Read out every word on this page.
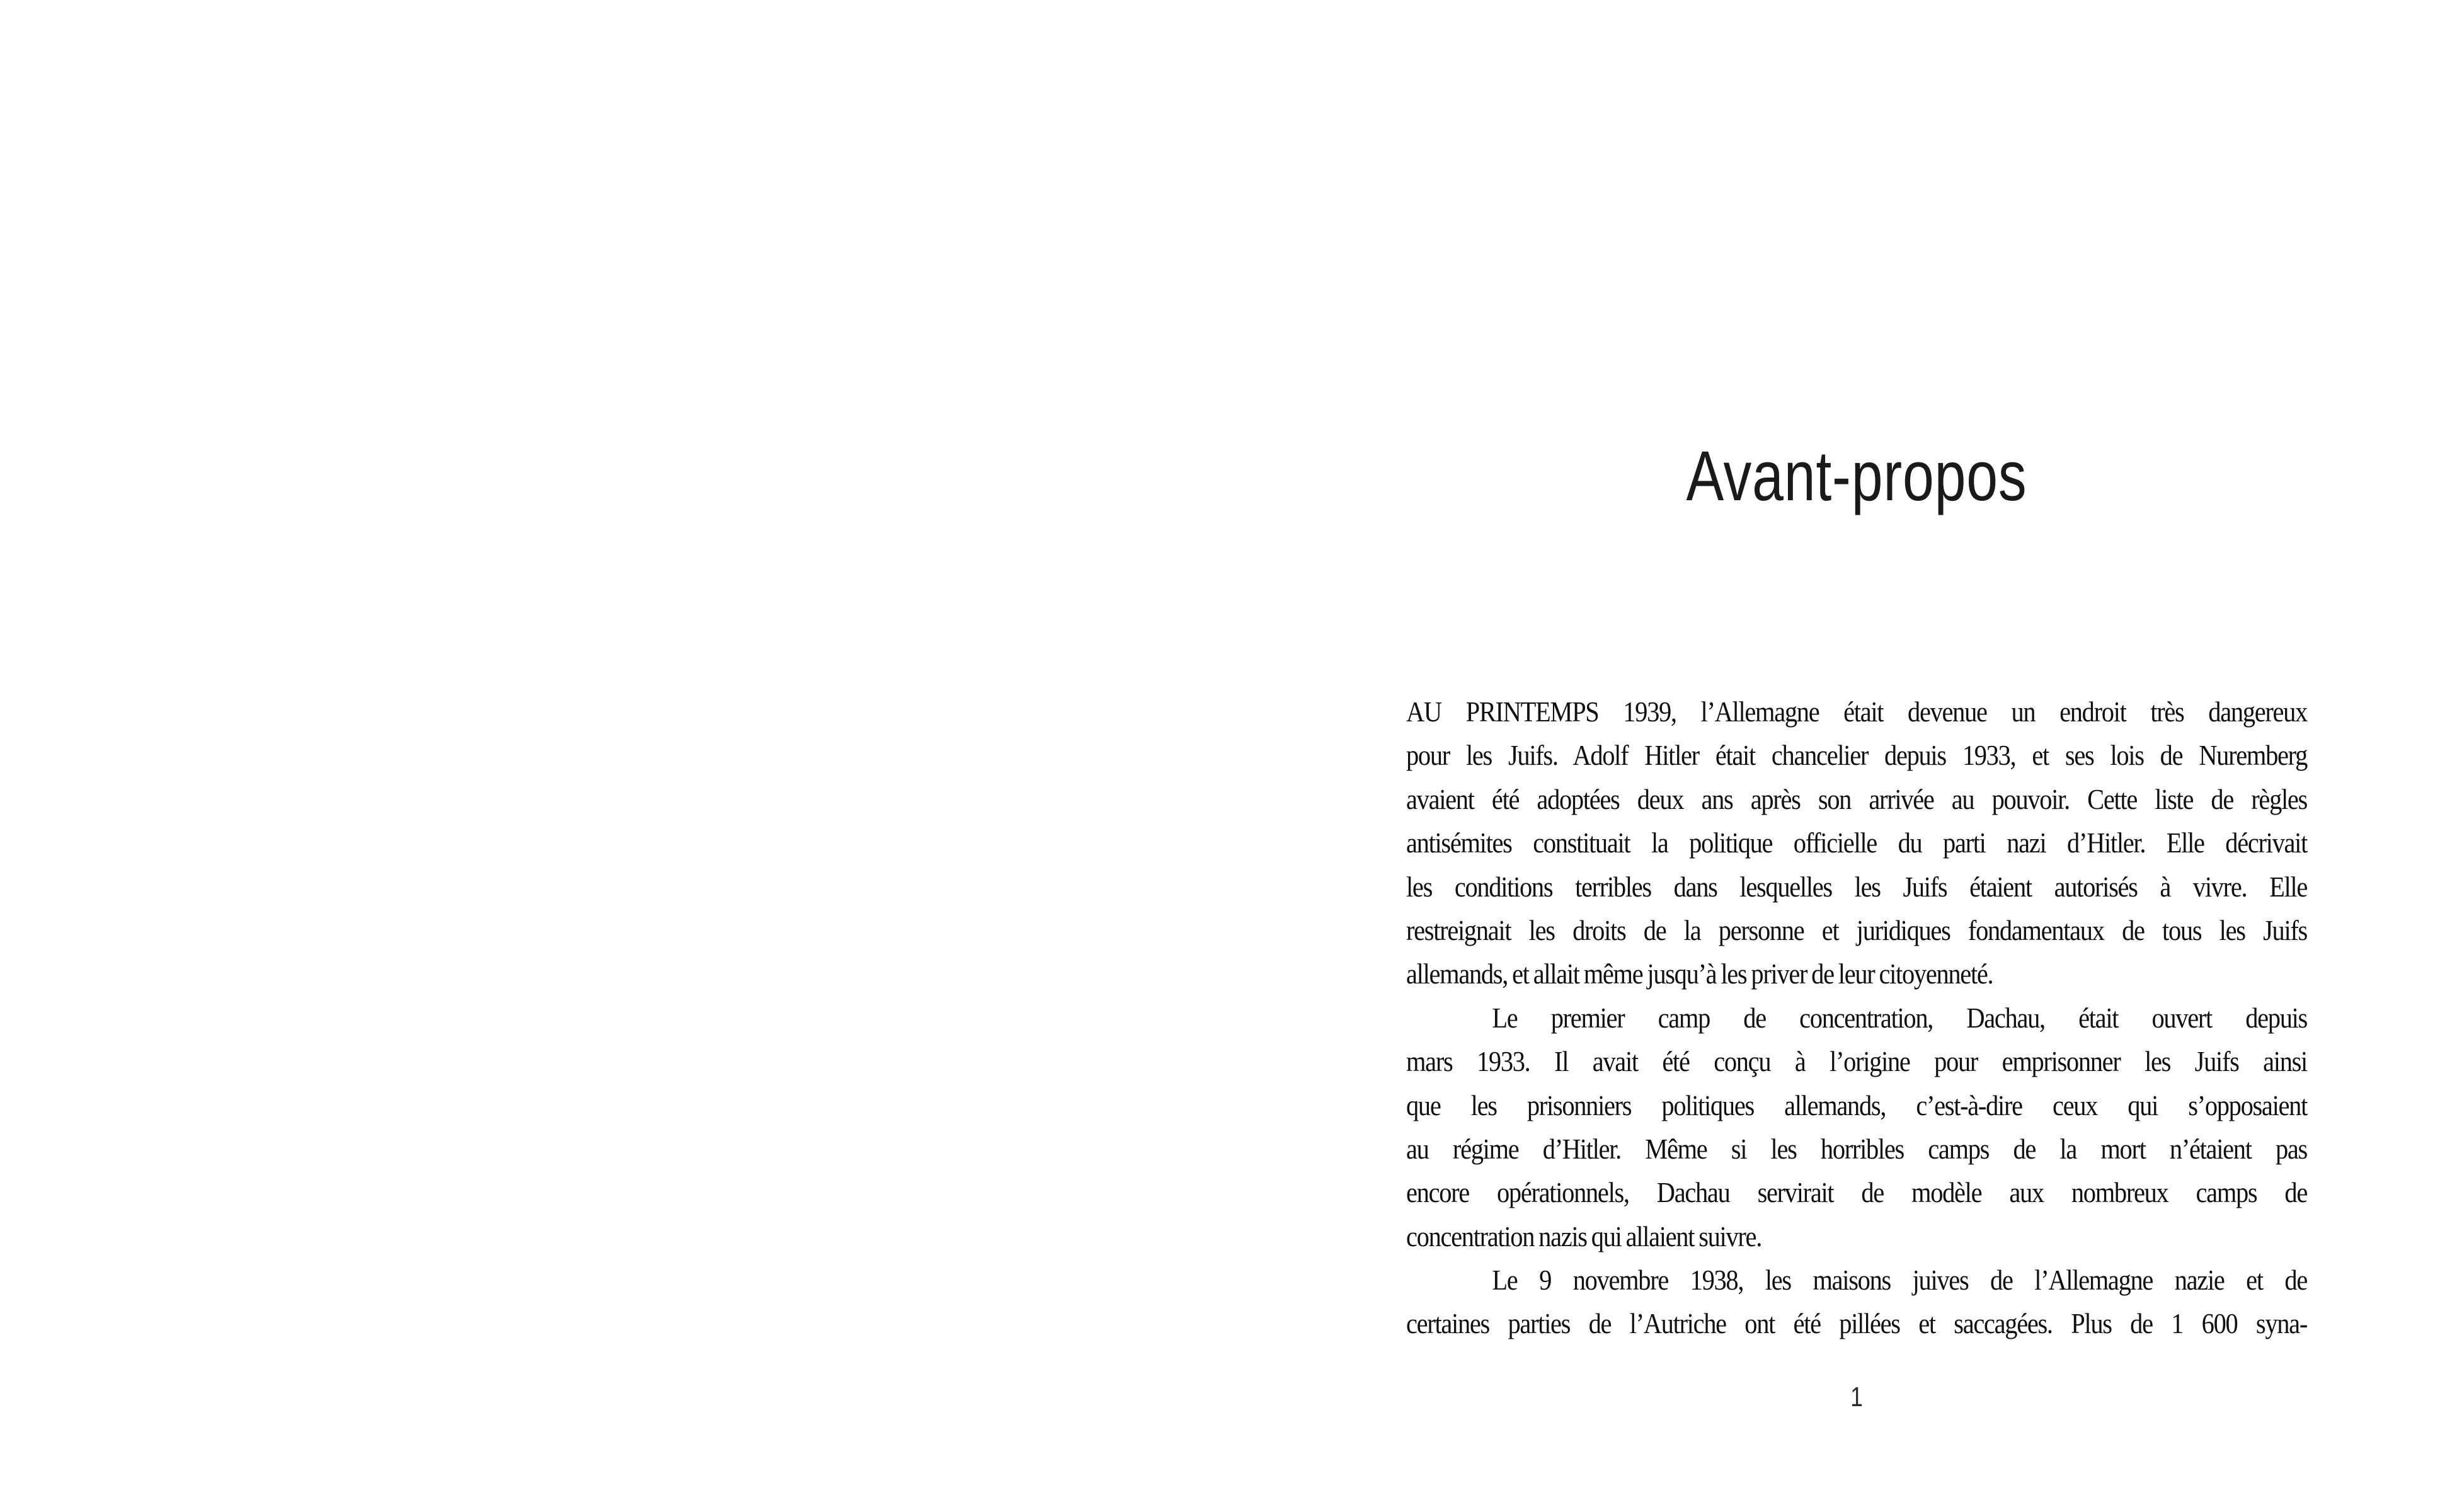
Avant-propos
AU PRINTEMPS 1939, l’Allemagne était devenue un endroit très dangereux
pour les Juifs. Adolf Hitler était chancelier depuis 1933, et ses lois de Nuremberg
avaient été adoptées deux ans après son arrivée au pouvoir. Cette liste de règles
antisémites constituait la politique officielle du parti nazi d’Hitler. Elle décrivait
les conditions terribles dans lesquelles les Juifs étaient autorisés à vivre. Elle
restreignait les droits de la personne et juridiques fondamentaux de tous les Juifs
allemands, et allait même jusqu’à les priver de leur citoyenneté.
Le premier camp de concentration, Dachau, était ouvert depuis
mars 1933. Il avait été conçu à l’origine pour emprisonner les Juifs ainsi
que les prisonniers politiques allemands, c’est-à-dire ceux qui s’opposaient
au régime d’Hitler. Même si les horribles camps de la mort n’étaient pas
encore opérationnels, Dachau servirait de modèle aux nombreux camps de
concentration nazis qui allaient suivre.
Le 9 novembre 1938, les maisons juives de l’Allemagne nazie et de
certaines parties de l’Autriche ont été pillées et saccagées. Plus de 1 600 syna-
1
